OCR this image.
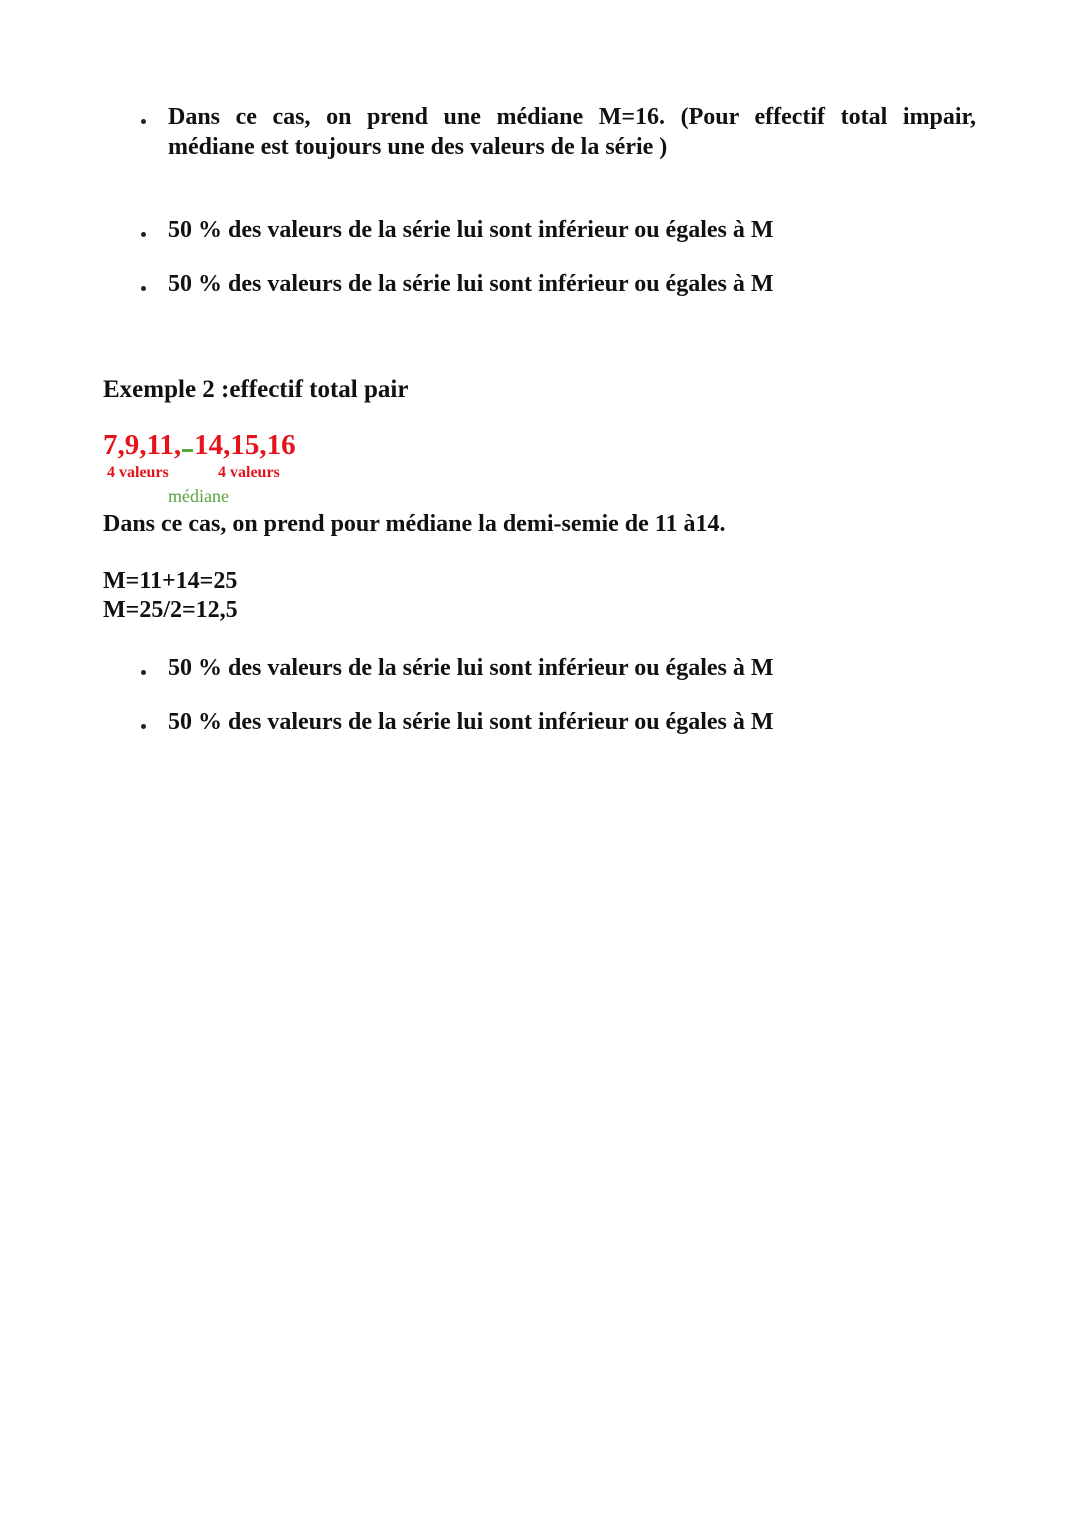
Dans ce cas, on prend une médiane M=16. (Pour effectif total impair,
médiane est toujours une des valeurs de la série )
50 % des valeurs de la série lui sont inférieur ou égales à M
50 % des valeurs de la série lui sont inférieur ou égales à M
Exemple 2 :effectif total pair
7,9,11, 14,15,16
4 valeurs	4 valeurs
médiane
Dans ce cas, on prend pour médiane la demi-semie de 11 à14.
M=11+14=25
M=25/2=12,5
50 % des valeurs de la série lui sont inférieur ou égales à M
50 % des valeurs de la série lui sont inférieur ou égales à M
